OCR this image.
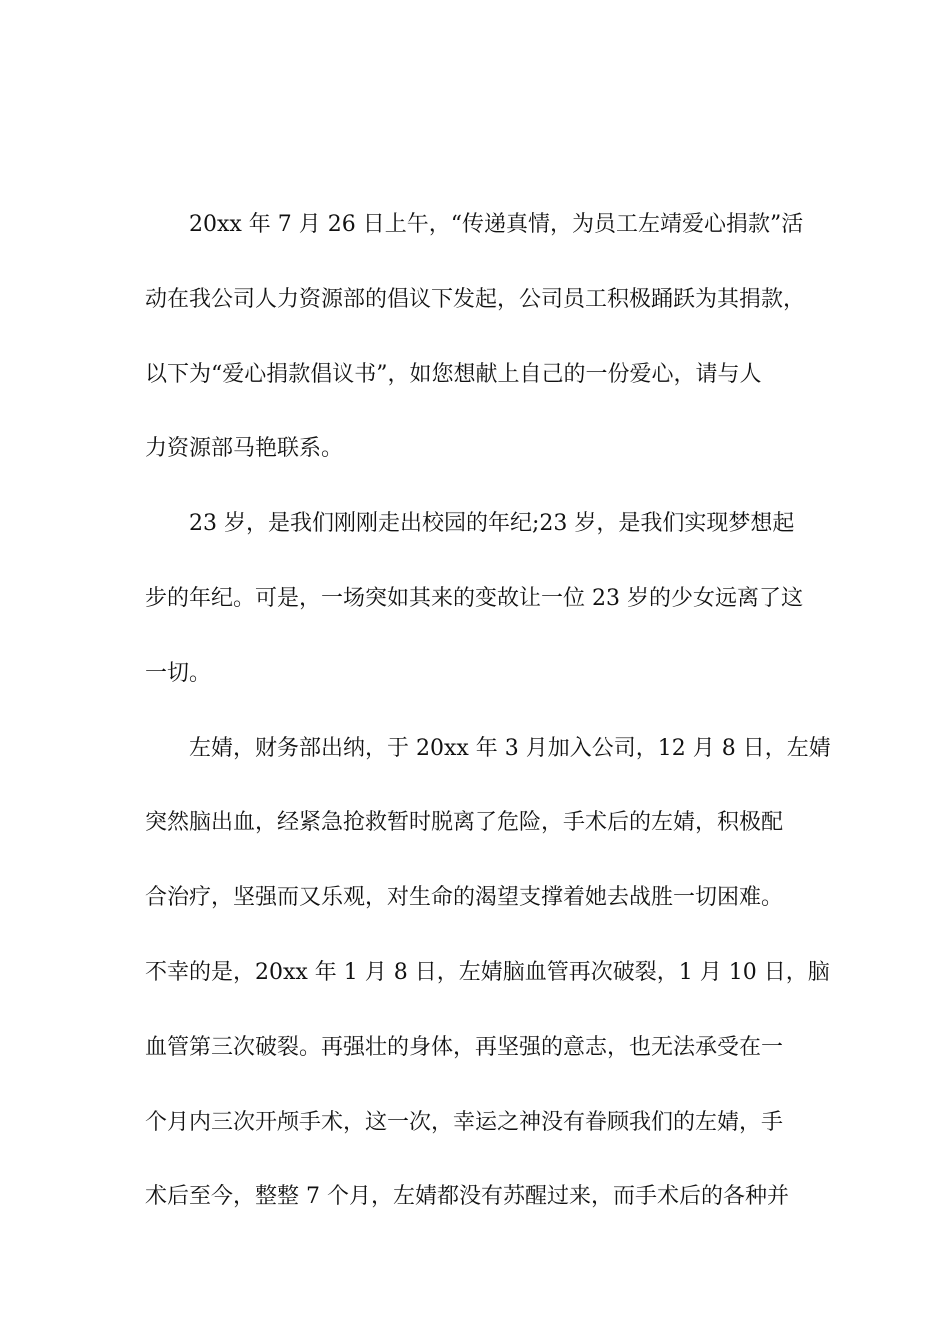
20xx 年 7 月 26 日上午，“传递真情，为员工左靖爱心捐款”活
动在我公司人力资源部的倡议下发起，公司员工积极踊跃为其捐款，
以下为“爱心捐款倡议书”，如您想献上自己的一份爱心，请与人
力资源部马艳联系。
23 岁，是我们刚刚走出校园的年纪;23 岁，是我们实现梦想起
步的年纪。可是，一场突如其来的变故让一位 23 岁的少女远离了这
一切。
左婧，财务部出纳，于 20xx 年 3 月加入公司，12 月 8 日，左婧
突然脑出血，经紧急抢救暂时脱离了危险，手术后的左婧，积极配
合治疗，坚强而又乐观，对生命的渴望支撑着她去战胜一切困难。
不幸的是，20xx 年 1 月 8 日，左婧脑血管再次破裂，1 月 10 日，脑
血管第三次破裂。再强壮的身体，再坚强的意志，也无法承受在一
个月内三次开颅手术，这一次，幸运之神没有眷顾我们的左婧，手
术后至今，整整 7 个月，左婧都没有苏醒过来，而手术后的各种并
